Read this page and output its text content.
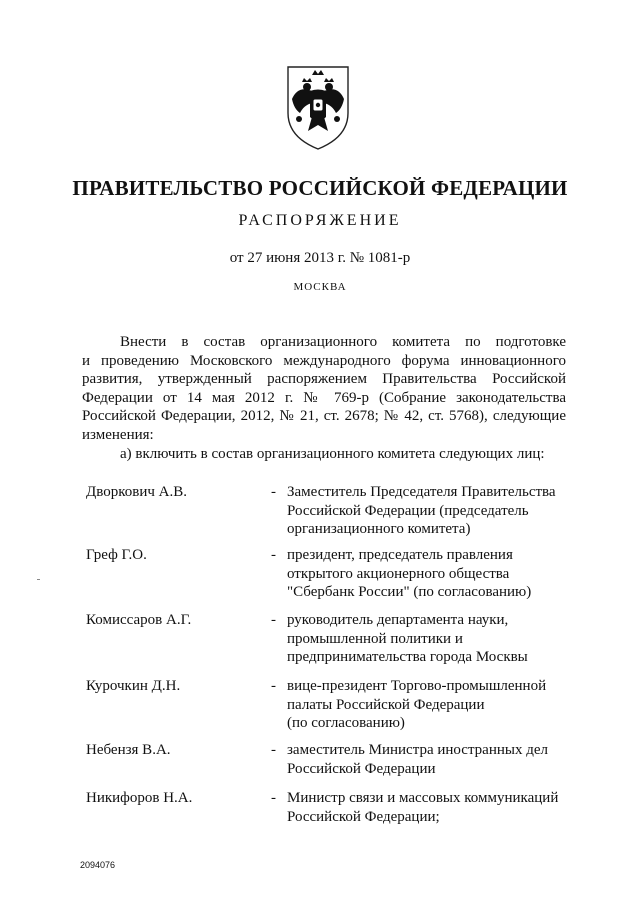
ПРАВИТЕЛЬСТВО РОССИЙСКОЙ ФЕДЕРАЦИИ
РАСПОРЯЖЕНИЕ
от 27 июня 2013 г. № 1081-р
МОСКВА
Внести в состав организационного комитета по подготовке
и проведению Московского международного форума инновационного
развития, утвержденный распоряжением Правительства Российской
Федерации от 14 мая 2012 г. № 769-р (Собрание законодательства
Российской Федерации, 2012, № 21, ст. 2678; № 42, ст. 5768), следующие
изменения:
а) включить в состав организационного комитета следующих лиц:
Дворкович А.В.	- Заместитель Председателя Правительства
Российской Федерации (председатель
организационного комитета)
Греф Г.О.	- президент, председатель правления
открытого акционерного общества
"Сбербанк России" (по согласованию)
Комиссаров А.Г.	- руководитель департамента науки,
промышленной политики и
предпринимательства города Москвы
Курочкин Д.Н.	- вице-президент Торгово-промышленной
палаты Российской Федерации
(по согласованию)
Небензя В.А.	- заместитель Министра иностранных дел
Российской Федерации
Никифоров Н.А.	- Министр связи и массовых коммуникаций
Российской Федерации;
2094076
